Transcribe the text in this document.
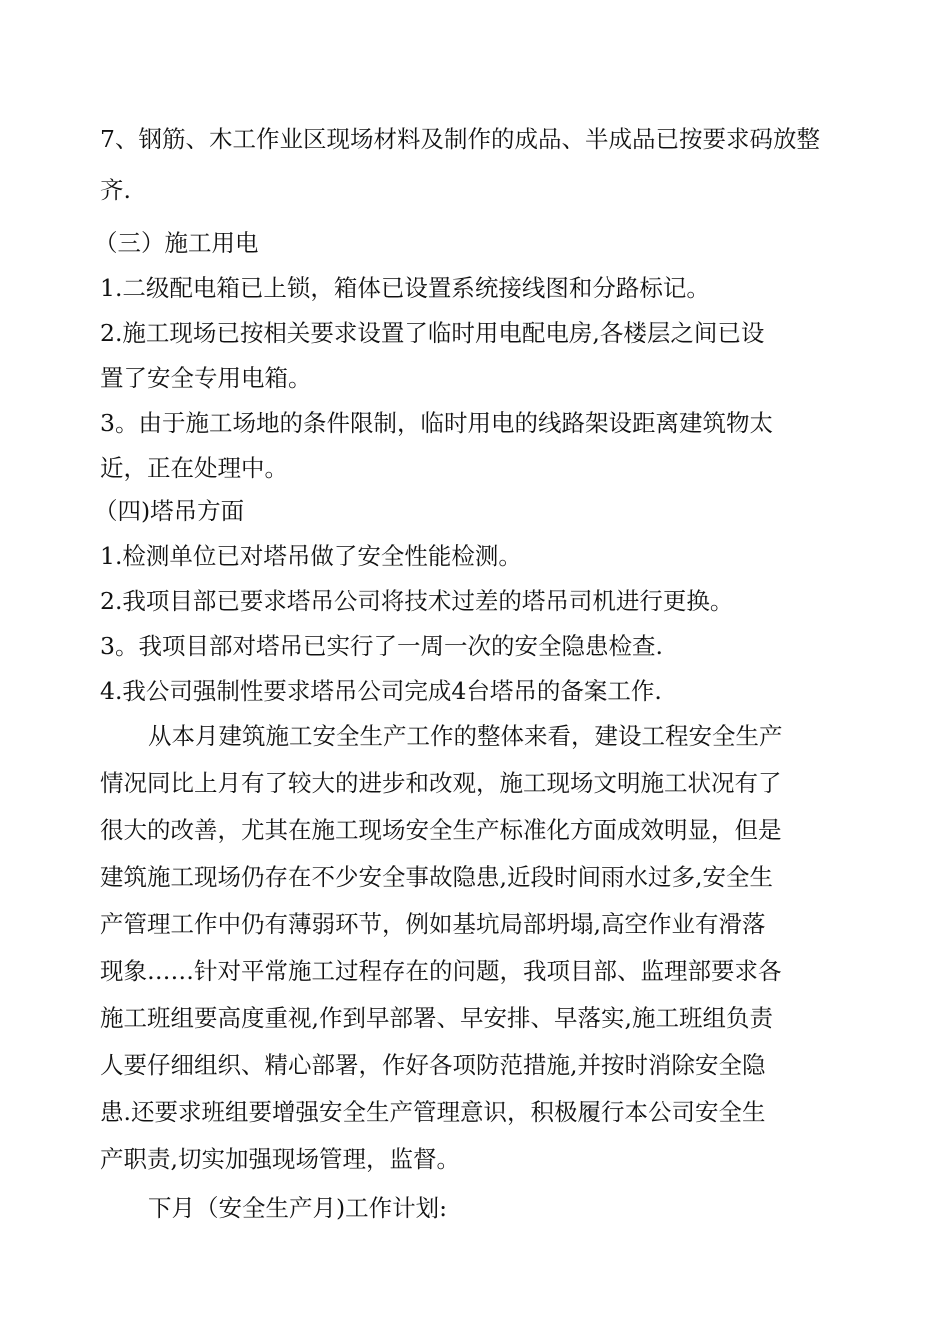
7、钢筋、木工作业区现场材料及制作的成品、半成品已按要求码放整
齐.
（三）施工用电
1.二级配电箱已上锁，箱体已设置系统接线图和分路标记。
2.施工现场已按相关要求设置了临时用电配电房,各楼层之间已设
置了安全专用电箱。
3。由于施工场地的条件限制，临时用电的线路架设距离建筑物太
近，正在处理中。
（四)塔吊方面
1.检测单位已对塔吊做了安全性能检测。
2.我项目部已要求塔吊公司将技术过差的塔吊司机进行更换。
3。我项目部对塔吊已实行了一周一次的安全隐患检查.
4.我公司强制性要求塔吊公司完成4台塔吊的备案工作.
从本月建筑施工安全生产工作的整体来看，建设工程安全生产
情况同比上月有了较大的进步和改观，施工现场文明施工状况有了
很大的改善，尤其在施工现场安全生产标准化方面成效明显，但是
建筑施工现场仍存在不少安全事故隐患,近段时间雨水过多,安全生
产管理工作中仍有薄弱环节，例如基坑局部坍塌,高空作业有滑落
现象……针对平常施工过程存在的问题，我项目部、监理部要求各
施工班组要高度重视,作到早部署、早安排、早落实,施工班组负责
人要仔细组织、精心部署，作好各项防范措施,并按时消除安全隐
患.还要求班组要增强安全生产管理意识，积极履行本公司安全生
产职责,切实加强现场管理，监督。
下月（安全生产月)工作计划:
